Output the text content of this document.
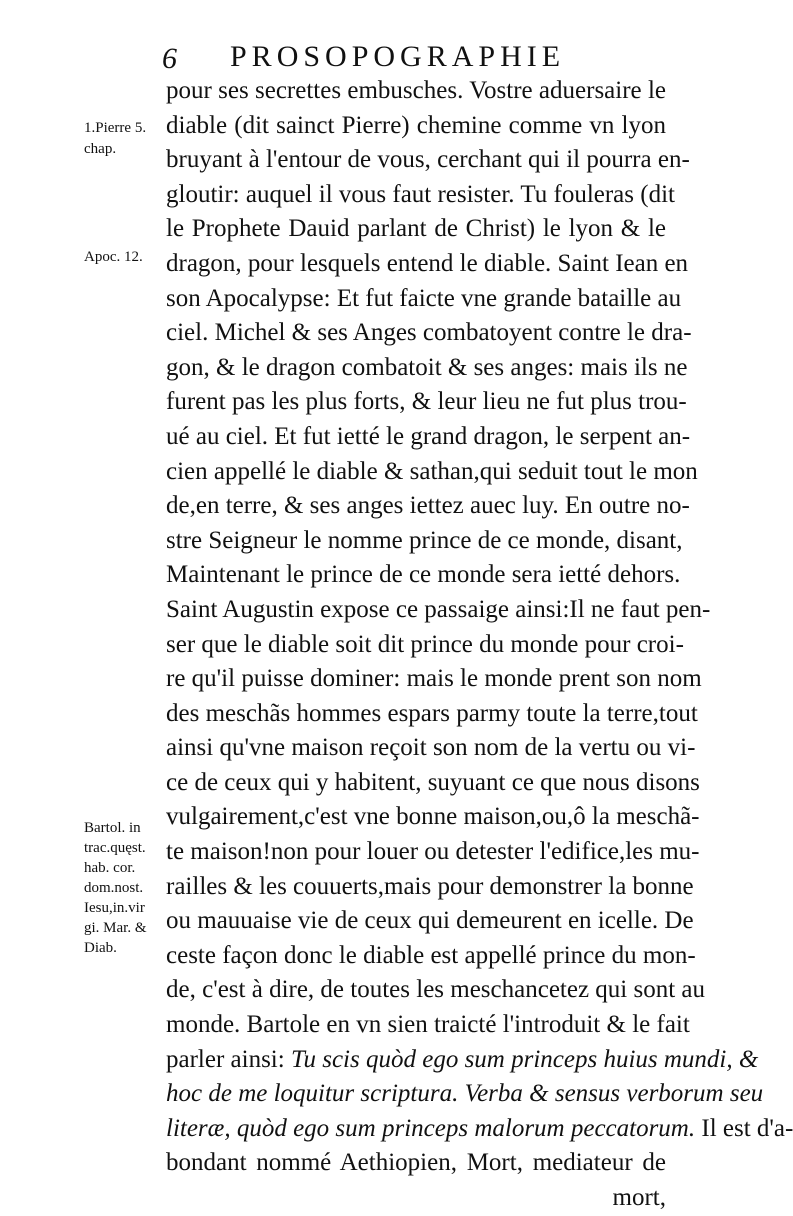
6 PROSOPOGRAPHIE
1.Pierre 5.
chap.
Apoc. 12.
Bartol. in
trac.quęst.
hab. cor.
dom.nost.
Iesu,in.vir
gi. Mar. &
Diab.
pour ses secrettes embusches. Vostre aduersaire le
diable (dit sainct Pierre) chemine comme vn lyon
bruyant à l'entour de vous, cerchant qui il pourra en-
gloutir: auquel il vous faut resister. Tu fouleras (dit
le Prophete Dauid parlant de Christ) le lyon & le
dragon, pour lesquels entend le diable. Saint Iean en
son Apocalypse: Et fut faicte vne grande bataille au
ciel. Michel & ses Anges combatoyent contre le dra-
gon, & le dragon combatoit & ses anges: mais ils ne
furent pas les plus forts, & leur lieu ne fut plus trou-
ué au ciel. Et fut ietté le grand dragon, le serpent an-
cien appellé le diable & sathan,qui seduit tout le mon
de,en terre, & ses anges iettez auec luy. En outre no-
stre Seigneur le nomme prince de ce monde, disant,
Maintenant le prince de ce monde sera ietté dehors.
Saint Augustin expose ce passaige ainsi:Il ne faut pen-
ser que le diable soit dit prince du monde pour croi-
re qu'il puisse dominer: mais le monde prent son nom
des meschãs hommes espars parmy toute la terre,tout
ainsi qu'vne maison reçoit son nom de la vertu ou vi-
ce de ceux qui y habitent, suyuant ce que nous disons
vulgairement,c'est vne bonne maison,ou,ô la meschã-
te maison!non pour louer ou detester l'edifice,les mu-
railles & les couuerts,mais pour demonstrer la bonne
ou mauuaise vie de ceux qui demeurent en icelle. De
ceste façon donc le diable est appellé prince du mon-
de, c'est à dire, de toutes les meschancetez qui sont au
monde. Bartole en vn sien traicté l'introduit & le fait
parler ainsi: Tu scis quòd ego sum princeps huius mundi, &
hoc de me loquitur scriptura. Verba & sensus verborum seu
literæ, quòd ego sum princeps malorum peccatorum. Il est d'a-
bondant nommé Aethiopien, Mort, mediateur de
mort,
